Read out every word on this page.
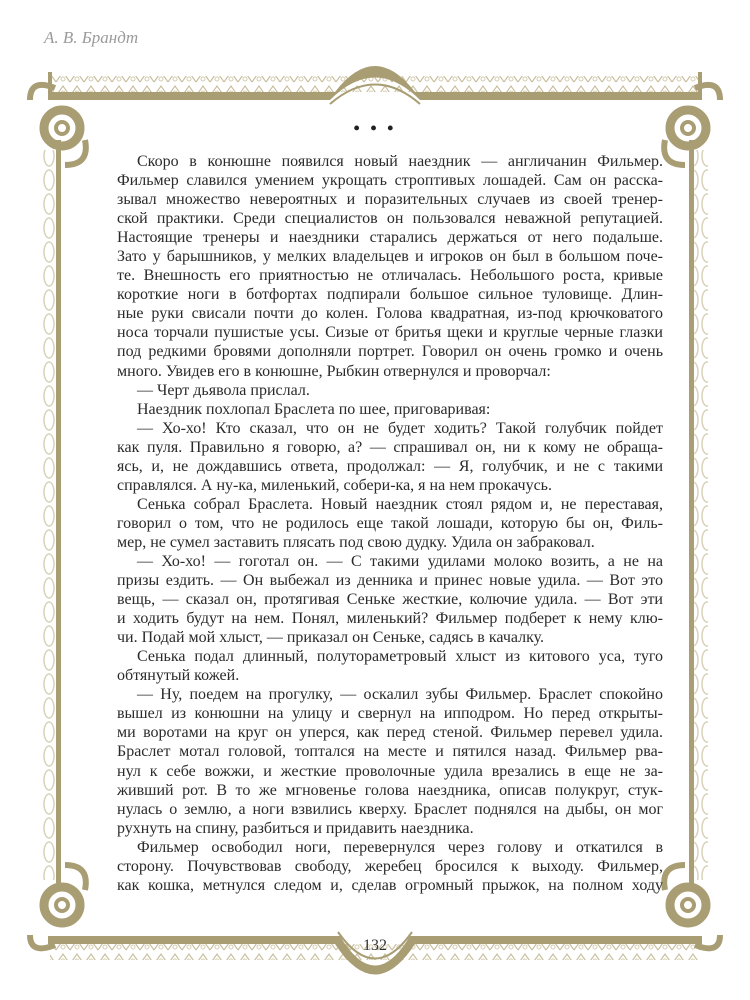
А. В. Брандт
• • •
Скоро в конюшне появился новый наездник — англичанин Фильмер.
Фильмер славился умением укрощать строптивых лошадей. Сам он расска-
зывал множество невероятных и поразительных случаев из своей тренер-
ской практики. Среди специалистов он пользовался неважной репутацией.
Настоящие тренеры и наездники старались держаться от него подальше.
Зато у барышников, у мелких владельцев и игроков он был в большом поче-
те. Внешность его приятностью не отличалась. Небольшого роста, кривые
короткие ноги в ботфортах подпирали большое сильное туловище. Длин-
ные руки свисали почти до колен. Голова квадратная, из-под крючковатого
носа торчали пушистые усы. Сизые от бритья щеки и круглые черные глазки
под редкими бровями дополняли портрет. Говорил он очень громко и очень
много. Увидев его в конюшне, Рыбкин отвернулся и проворчал:
— Черт дьявола прислал.
Наездник похлопал Браслета по шее, приговаривая:
— Хо-хо! Кто сказал, что он не будет ходить? Такой голубчик пойдет
как пуля. Правильно я говорю, а? — спрашивал он, ни к кому не обраща-
ясь, и, не дождавшись ответа, продолжал: — Я, голубчик, и не с такими
справлялся. А ну-ка, миленький, собери-ка, я на нем прокачусь.
Сенька собрал Браслета. Новый наездник стоял рядом и, не переставая,
говорил о том, что не родилось еще такой лошади, которую бы он, Филь-
мер, не сумел заставить плясать под свою дудку. Удила он забраковал.
— Хо-хо! — гоготал он. — С такими удилами молоко возить, а не на
призы ездить. — Он выбежал из денника и принес новые удила. — Вот это
вещь, — сказал он, протягивая Сеньке жесткие, колючие удила. — Вот эти
и ходить будут на нем. Понял, миленький? Фильмер подберет к нему клю-
чи. Подай мой хлыст, — приказал он Сеньке, садясь в качалку.
Сенька подал длинный, полутораметровый хлыст из китового уса, туго
обтянутый кожей.
— Ну, поедем на прогулку, — оскалил зубы Фильмер. Браслет спокойно
вышел из конюшни на улицу и свернул на ипподром. Но перед открыты-
ми воротами на круг он уперся, как перед стеной. Фильмер перевел удила.
Браслет мотал головой, топтался на месте и пятился назад. Фильмер рва-
нул к себе вожжи, и жесткие проволочные удила врезались в еще не за-
живший рот. В то же мгновенье голова наездника, описав полукруг, стук-
нулась о землю, а ноги взвились кверху. Браслет поднялся на дыбы, он мог
рухнуть на спину, разбиться и придавить наездника.
Фильмер освободил ноги, перевернулся через голову и откатился в
сторону. Почувствовав свободу, жеребец бросился к выходу. Фильмер,
как кошка, метнулся следом и, сделав огромный прыжок, на полном ходу
132
